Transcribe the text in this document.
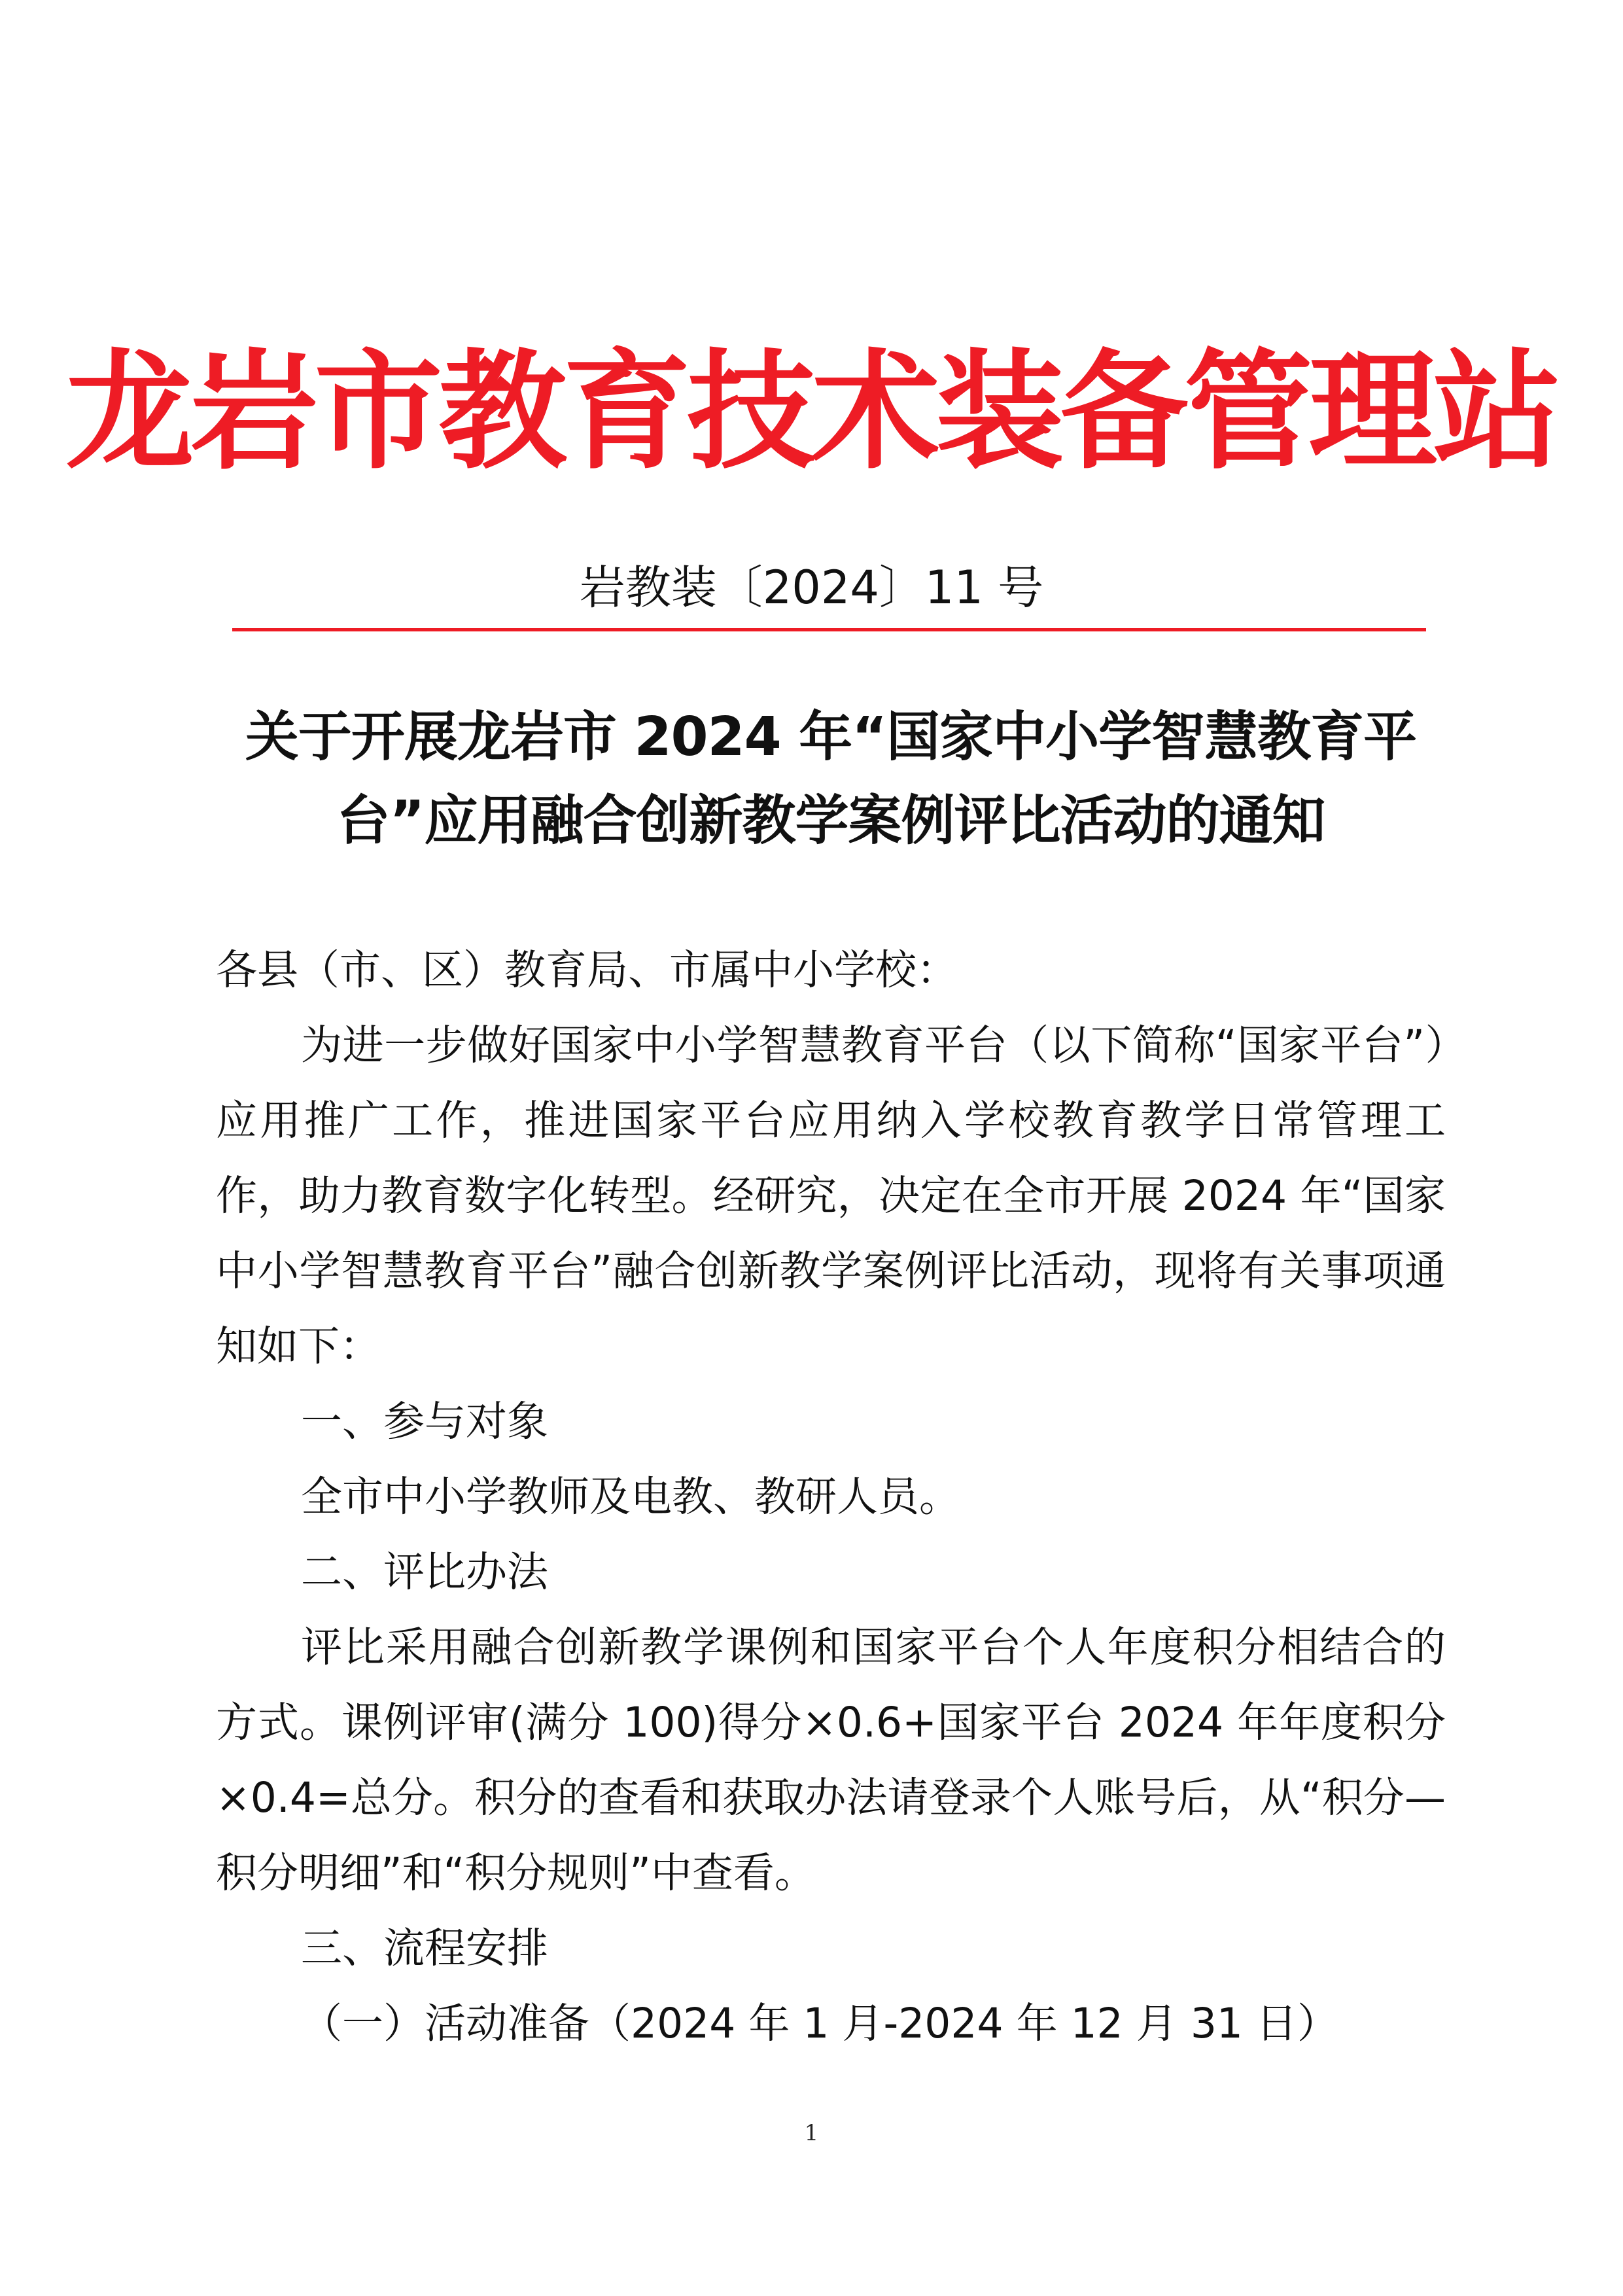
龙岩市教育技术装备管理站
岩教装〔2024〕11 号
关于开展龙岩市 2024 年“国家中小学智慧教育平台”应用融合创新教学案例评比活动的通知

各县（市、区）教育局、市属中小学校：

为进一步做好国家中小学智慧教育平台（以下简称“国家平台”）应用推广工作，推进国家平台应用纳入学校教育教学日常管理工作，助力教育数字化转型。经研究，决定在全市开展 2024 年“国家中小学智慧教育平台”融合创新教学案例评比活动，现将有关事项通知如下：

一、参与对象

全市中小学教师及电教、教研人员。

二、评比办法

评比采用融合创新教学课例和国家平台个人年度积分相结合的方式。课例评审(满分 100)得分×0.6+国家平台 2024 年年度积分×0.4=总分。积分的查看和获取办法请登录个人账号后，从“积分—积分明细”和“积分规则”中查看。

三、流程安排

（一）活动准备（2024 年 1 月-2024 年 12 月 31 日）

1
